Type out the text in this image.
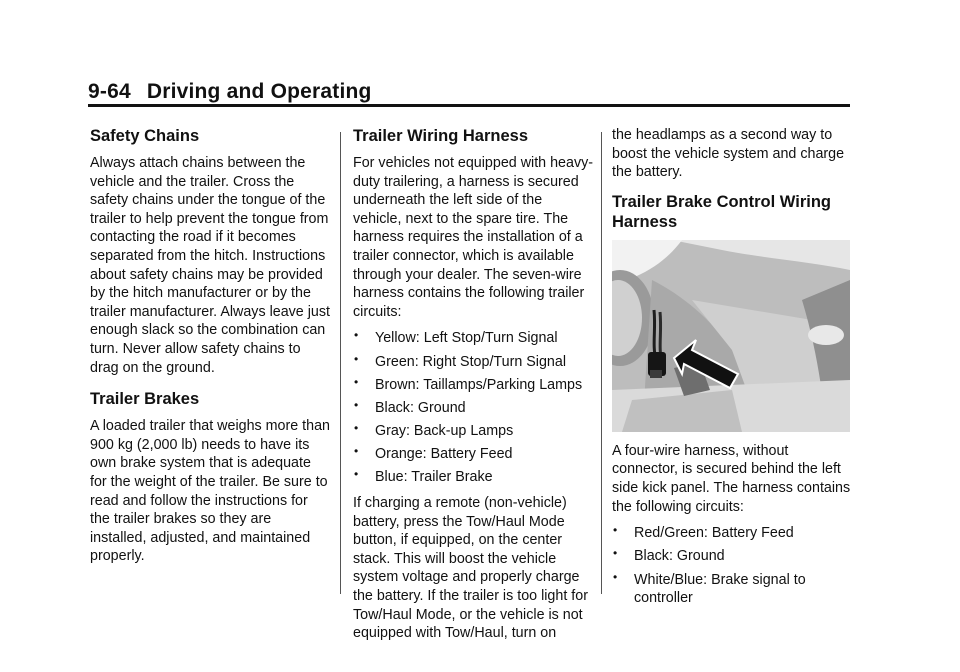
9-64 Driving and Operating
Safety Chains

Always attach chains between the vehicle and the trailer. Cross the safety chains under the tongue of the trailer to help prevent the tongue from contacting the road if it becomes separated from the hitch. Instructions about safety chains may be provided by the hitch manufacturer or by the trailer manufacturer. Always leave just enough slack so the combination can turn. Never allow safety chains to drag on the ground.

Trailer Brakes

A loaded trailer that weighs more than 900 kg (2,000 lb) needs to have its own brake system that is adequate for the weight of the trailer. Be sure to read and follow the instructions for the trailer brakes so they are installed, adjusted, and maintained properly.

Trailer Wiring Harness

For vehicles not equipped with heavy-duty trailering, a harness is secured underneath the left side of the vehicle, next to the spare tire. The harness requires the installation of a trailer connector, which is available through your dealer. The seven-wire harness contains the following trailer circuits:

• Yellow: Left Stop/Turn Signal
• Green: Right Stop/Turn Signal
• Brown: Taillamps/Parking Lamps
• Black: Ground
• Gray: Back-up Lamps
• Orange: Battery Feed
• Blue: Trailer Brake

If charging a remote (non-vehicle) battery, press the Tow/Haul Mode button, if equipped, on the center stack. This will boost the vehicle system voltage and properly charge the battery. If the trailer is too light for Tow/Haul Mode, or the vehicle is not equipped with Tow/Haul, turn on

the headlamps as a second way to boost the vehicle system and charge the battery.

Trailer Brake Control Wiring Harness

A four-wire harness, without connector, is secured behind the left side kick panel. The harness contains the following circuits:

• Red/Green: Battery Feed
• Black: Ground
• White/Blue: Brake signal to controller
